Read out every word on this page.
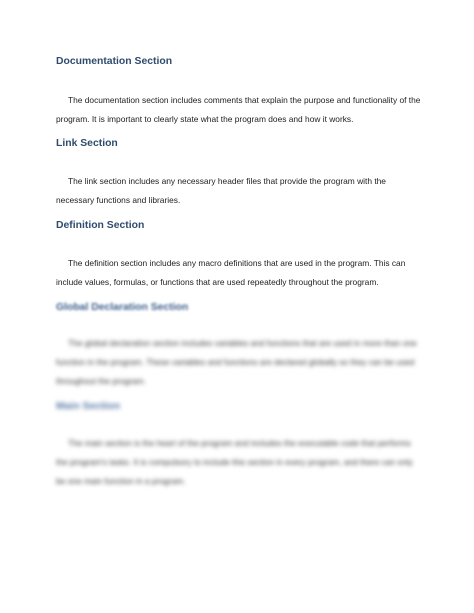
Documentation Section

The documentation section includes comments that explain the purpose and functionality of the program. It is important to clearly state what the program does and how it works.

Link Section

The link section includes any necessary header files that provide the program with the necessary functions and libraries.

Definition Section

The definition section includes any macro definitions that are used in the program. This can include values, formulas, or functions that are used repeatedly throughout the program.

Global Declaration Section

The global declaration section includes variables and functions that are used in more than one function in the program. These variables and functions are declared globally so they can be used throughout the program.

Main Section

The main section is the heart of the program and includes the executable code that performs the program's tasks. It is compulsory to include this section in every program, and there can only be one main function in a program.
